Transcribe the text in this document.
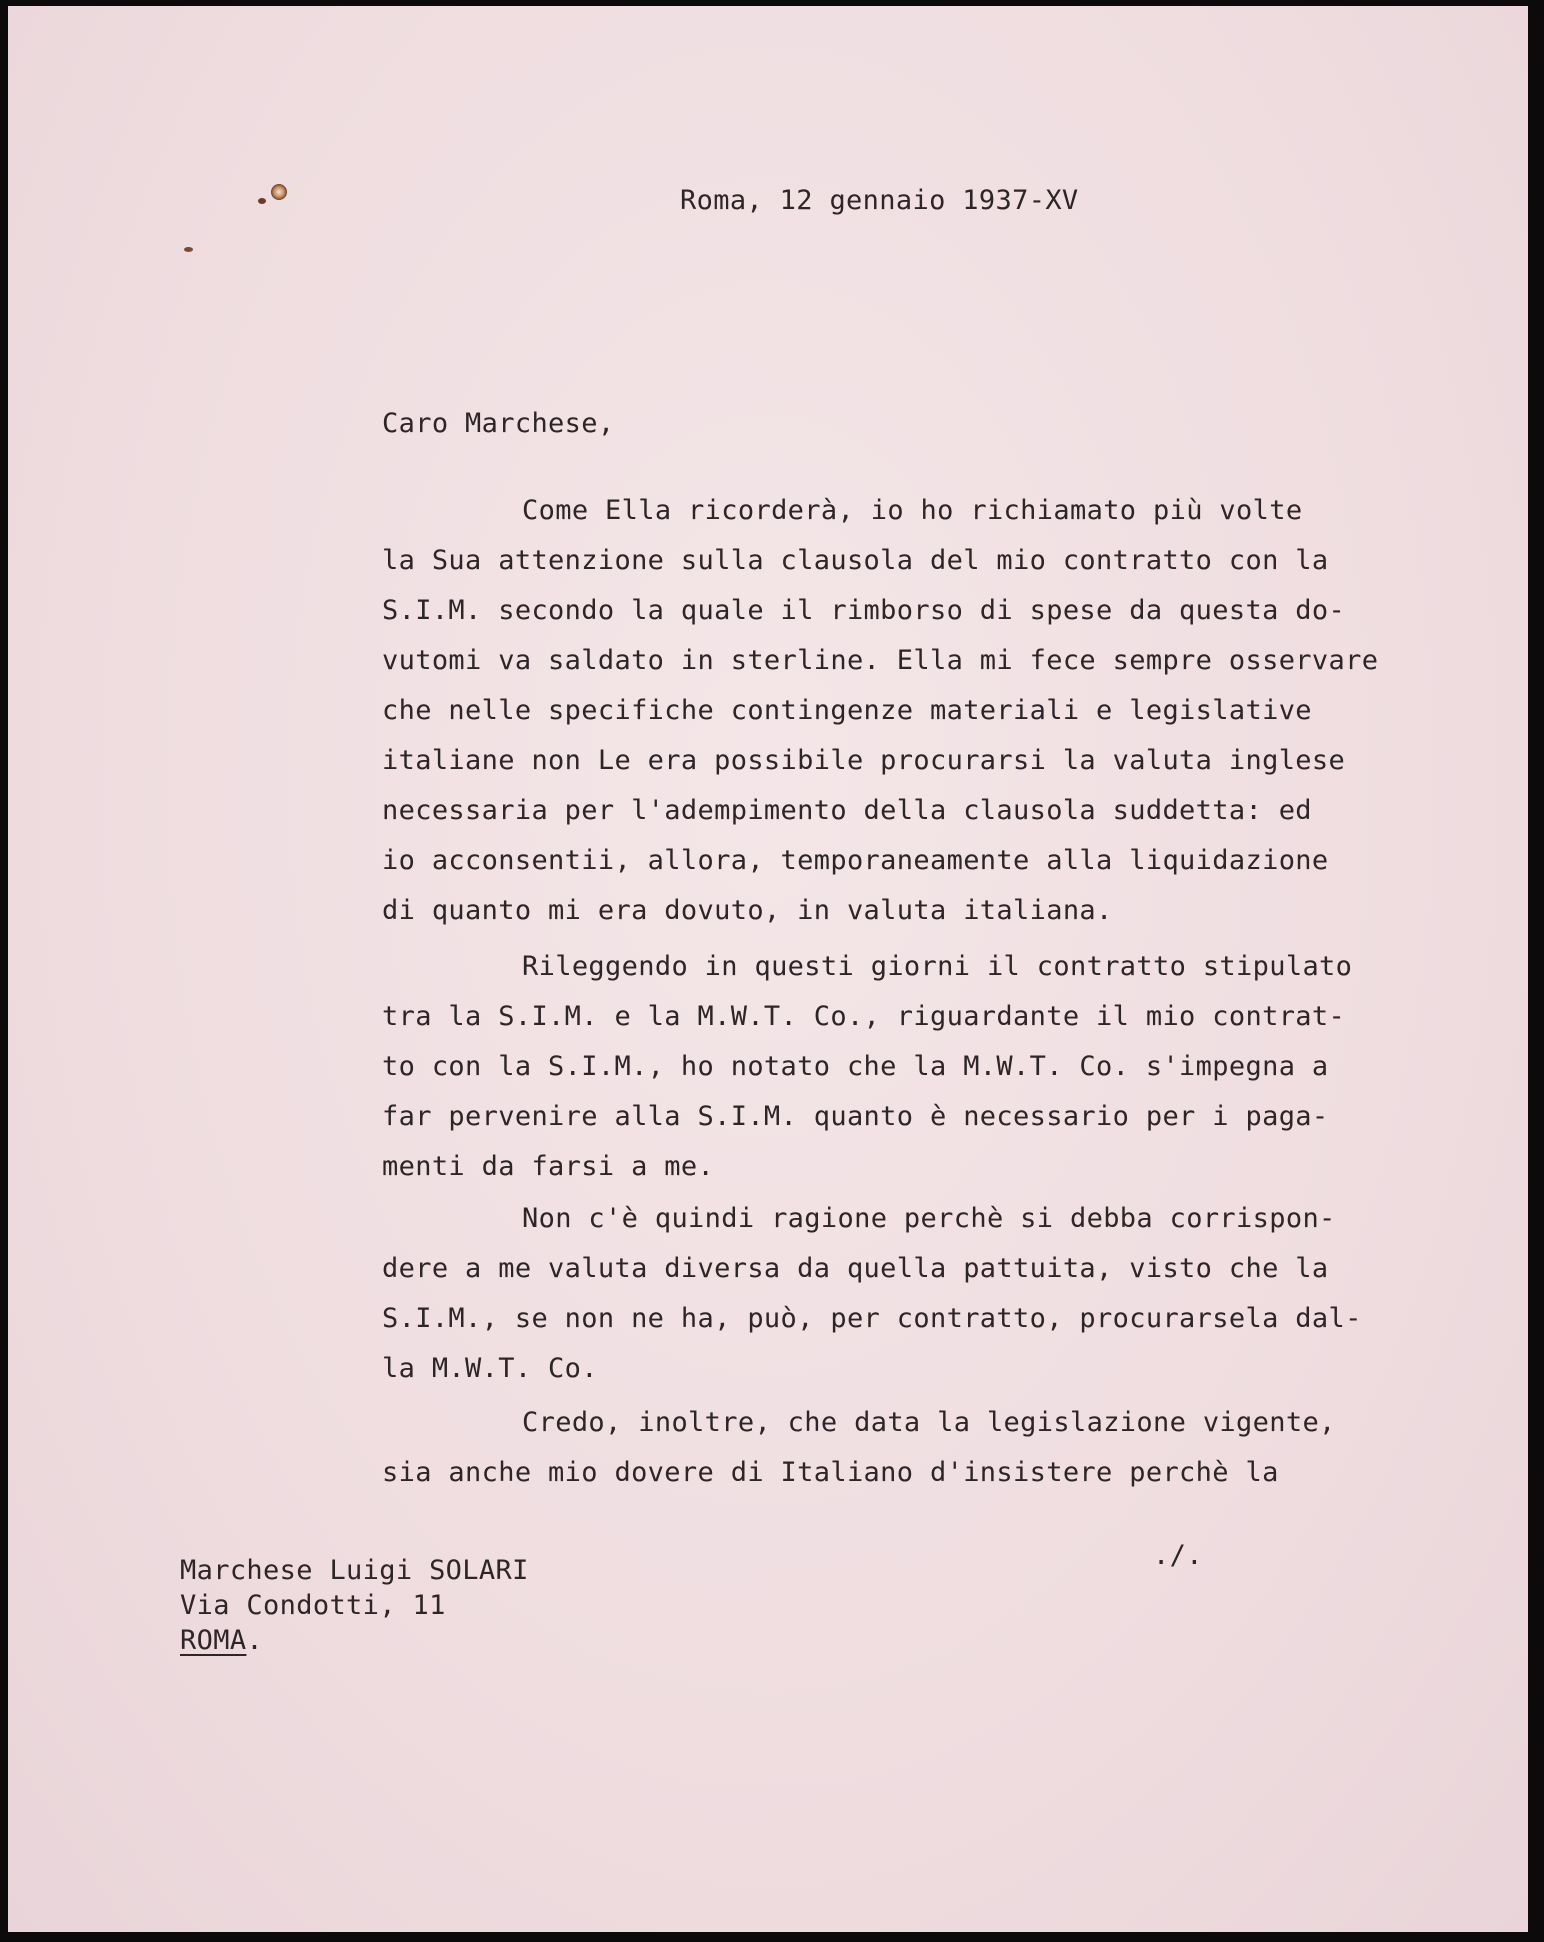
Roma, 12 gennaio 1937-XV
Caro Marchese,
Come Ella ricorderà, io ho richiamato più volte
la Sua attenzione sulla clausola del mio contratto con la
S.I.M. secondo la quale il rimborso di spese da questa do-
vutomi va saldato in sterline. Ella mi fece sempre osservare
che nelle specifiche contingenze materiali e legislative
italiane non Le era possibile procurarsi la valuta inglese
necessaria per l'adempimento della clausola suddetta: ed
io acconsentii, allora, temporaneamente alla liquidazione
di quanto mi era dovuto, in valuta italiana.
Rileggendo in questi giorni il contratto stipulato
tra la S.I.M. e la M.W.T. Co., riguardante il mio contrat-
to con la S.I.M., ho notato che la M.W.T. Co. s'impegna a
far pervenire alla S.I.M. quanto è necessario per i paga-
menti da farsi a me.
Non c'è quindi ragione perchè si debba corrispon-
dere a me valuta diversa da quella pattuita, visto che la
S.I.M., se non ne ha, può, per contratto, procurarsela dal-
la M.W.T. Co.
Credo, inoltre, che data la legislazione vigente,
sia anche mio dovere di Italiano d'insistere perchè la
./.
Marchese Luigi SOLARI
Via Condotti, 11
ROMA.
